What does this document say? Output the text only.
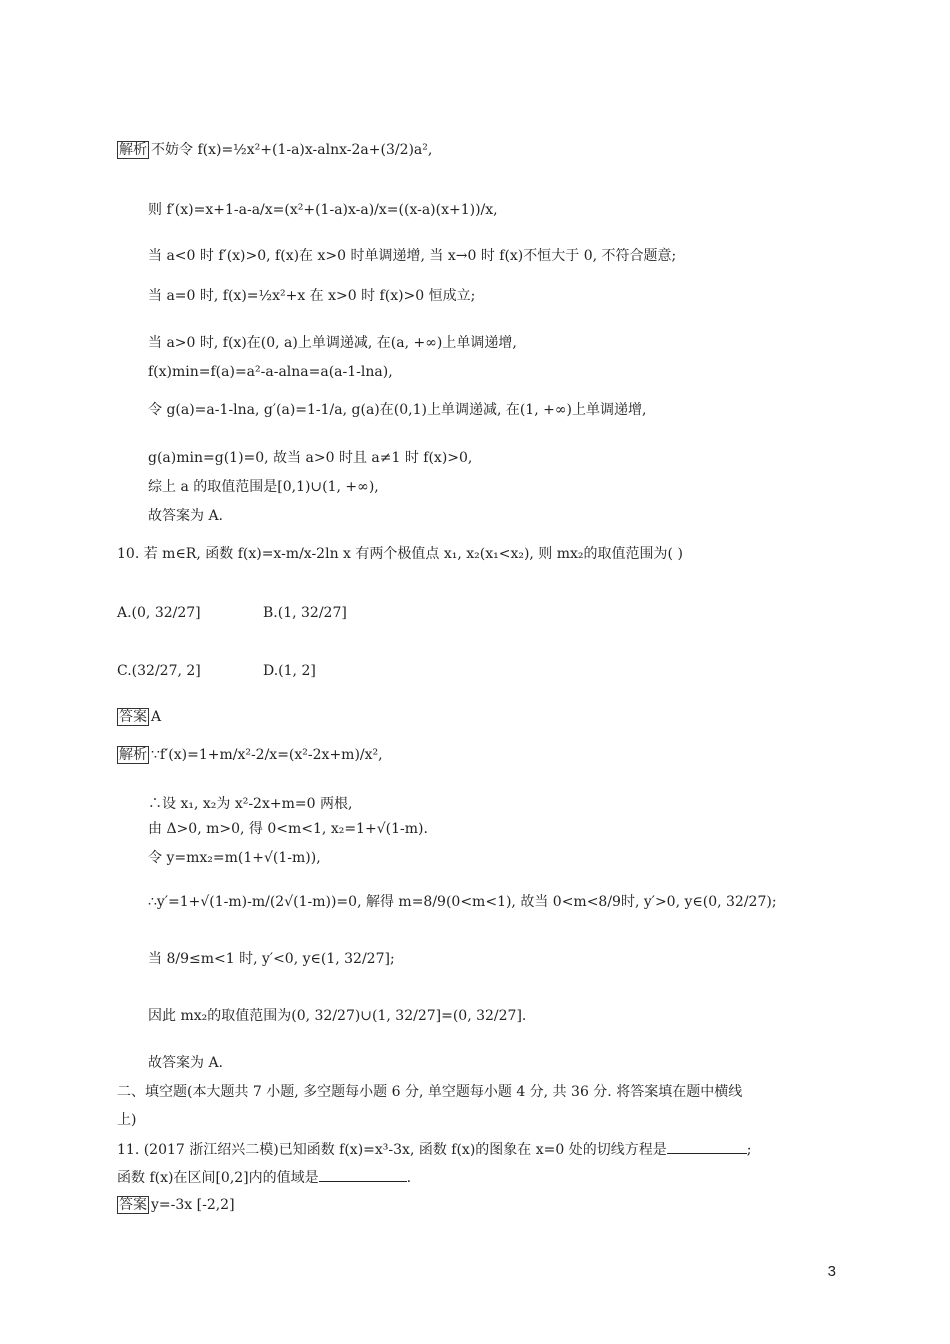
解析 不妨令 f(x)=½x²+(1-a)x-alnx-2a+(3/2)a²,
则 f′(x)=x+1-a-a/x=(x²+(1-a)x-a)/x=((x-a)(x+1))/x,
当 a<0 时 f′(x)>0, f(x)在 x>0 时单调递增, 当 x→0 时 f(x)不恒大于 0, 不符合题意;
当 a=0 时, f(x)=½x²+x 在 x>0 时 f(x)>0 恒成立;
当 a>0 时, f(x)在(0, a)上单调递减, 在(a, +∞)上单调递增,
f(x)min=f(a)=a²-a-alna=a(a-1-lna),
令 g(a)=a-1-lna, g′(a)=1-1/a, g(a)在(0,1)上单调递减, 在(1, +∞)上单调递增,
g(a)min=g(1)=0, 故当 a>0 时且 a≠1 时 f(x)>0,
综上 a 的取值范围是[0,1)∪(1, +∞),
故答案为 A.
10. 若 m∈R, 函数 f(x)=x-m/x-2ln x 有两个极值点 x₁, x₂(x₁<x₂), 则 mx₂的取值范围为( )
A.(0, 32/27]	B.(1, 32/27]
C.(32/27, 2]	D.(1, 2]
答案 A
解析 ∵f′(x)=1+m/x²-2/x=(x²-2x+m)/x²,
∴设 x₁, x₂为 x²-2x+m=0 两根,
由 Δ>0, m>0, 得 0<m<1, x₂=1+√(1-m).
令 y=mx₂=m(1+√(1-m)),
∴y′=1+√(1-m)-m/(2√(1-m))=0, 解得 m=8/9(0<m<1), 故当 0<m<8/9时, y′>0, y∈(0, 32/27);
当 8/9≤m<1 时, y′<0, y∈(1, 32/27];
因此 mx₂的取值范围为(0, 32/27)∪(1, 32/27]=(0, 32/27].
故答案为 A.
二、填空题(本大题共 7 小题, 多空题每小题 6 分, 单空题每小题 4 分, 共 36 分. 将答案填在题中横线
上)
11. (2017 浙江绍兴二模)已知函数 f(x)=x³-3x, 函数 f(x)的图象在 x=0 处的切线方程是	;
函数 f(x)在区间[0,2]内的值域是	.
答案 y=-3x [-2,2]
3
